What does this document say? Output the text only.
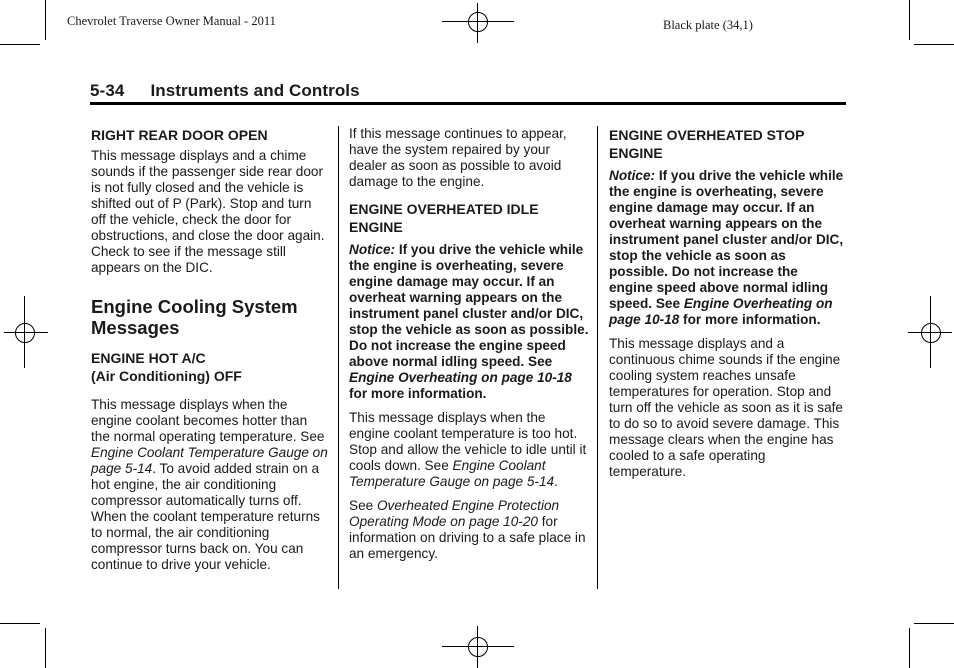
Chevrolet Traverse Owner Manual - 2011	Black plate (34,1)
5-34 Instruments and Controls
RIGHT REAR DOOR OPEN

This message displays and a chime sounds if the passenger side rear door is not fully closed and the vehicle is shifted out of P (Park). Stop and turn off the vehicle, check the door for obstructions, and close the door again. Check to see if the message still appears on the DIC.

Engine Cooling System Messages
ENGINE HOT A/C
(Air Conditioning) OFF

This message displays when the engine coolant becomes hotter than the normal operating temperature. See Engine Coolant Temperature Gauge on page 5-14. To avoid added strain on a hot engine, the air conditioning compressor automatically turns off. When the coolant temperature returns to normal, the air conditioning compressor turns back on. You can continue to drive your vehicle.

If this message continues to appear, have the system repaired by your dealer as soon as possible to avoid damage to the engine.

ENGINE OVERHEATED IDLE ENGINE

Notice: If you drive the vehicle while the engine is overheating, severe engine damage may occur. If an overheat warning appears on the instrument panel cluster and/or DIC, stop the vehicle as soon as possible. Do not increase the engine speed above normal idling speed. See Engine Overheating on page 10-18 for more information.

This message displays when the engine coolant temperature is too hot. Stop and allow the vehicle to idle until it cools down. See Engine Coolant Temperature Gauge on page 5-14.

See Overheated Engine Protection Operating Mode on page 10-20 for information on driving to a safe place in an emergency.

ENGINE OVERHEATED STOP ENGINE

Notice: If you drive the vehicle while the engine is overheating, severe engine damage may occur. If an overheat warning appears on the instrument panel cluster and/or DIC, stop the vehicle as soon as possible. Do not increase the engine speed above normal idling speed. See Engine Overheating on page 10-18 for more information.

This message displays and a continuous chime sounds if the engine cooling system reaches unsafe temperatures for operation. Stop and turn off the vehicle as soon as it is safe to do so to avoid severe damage. This message clears when the engine has cooled to a safe operating temperature.
